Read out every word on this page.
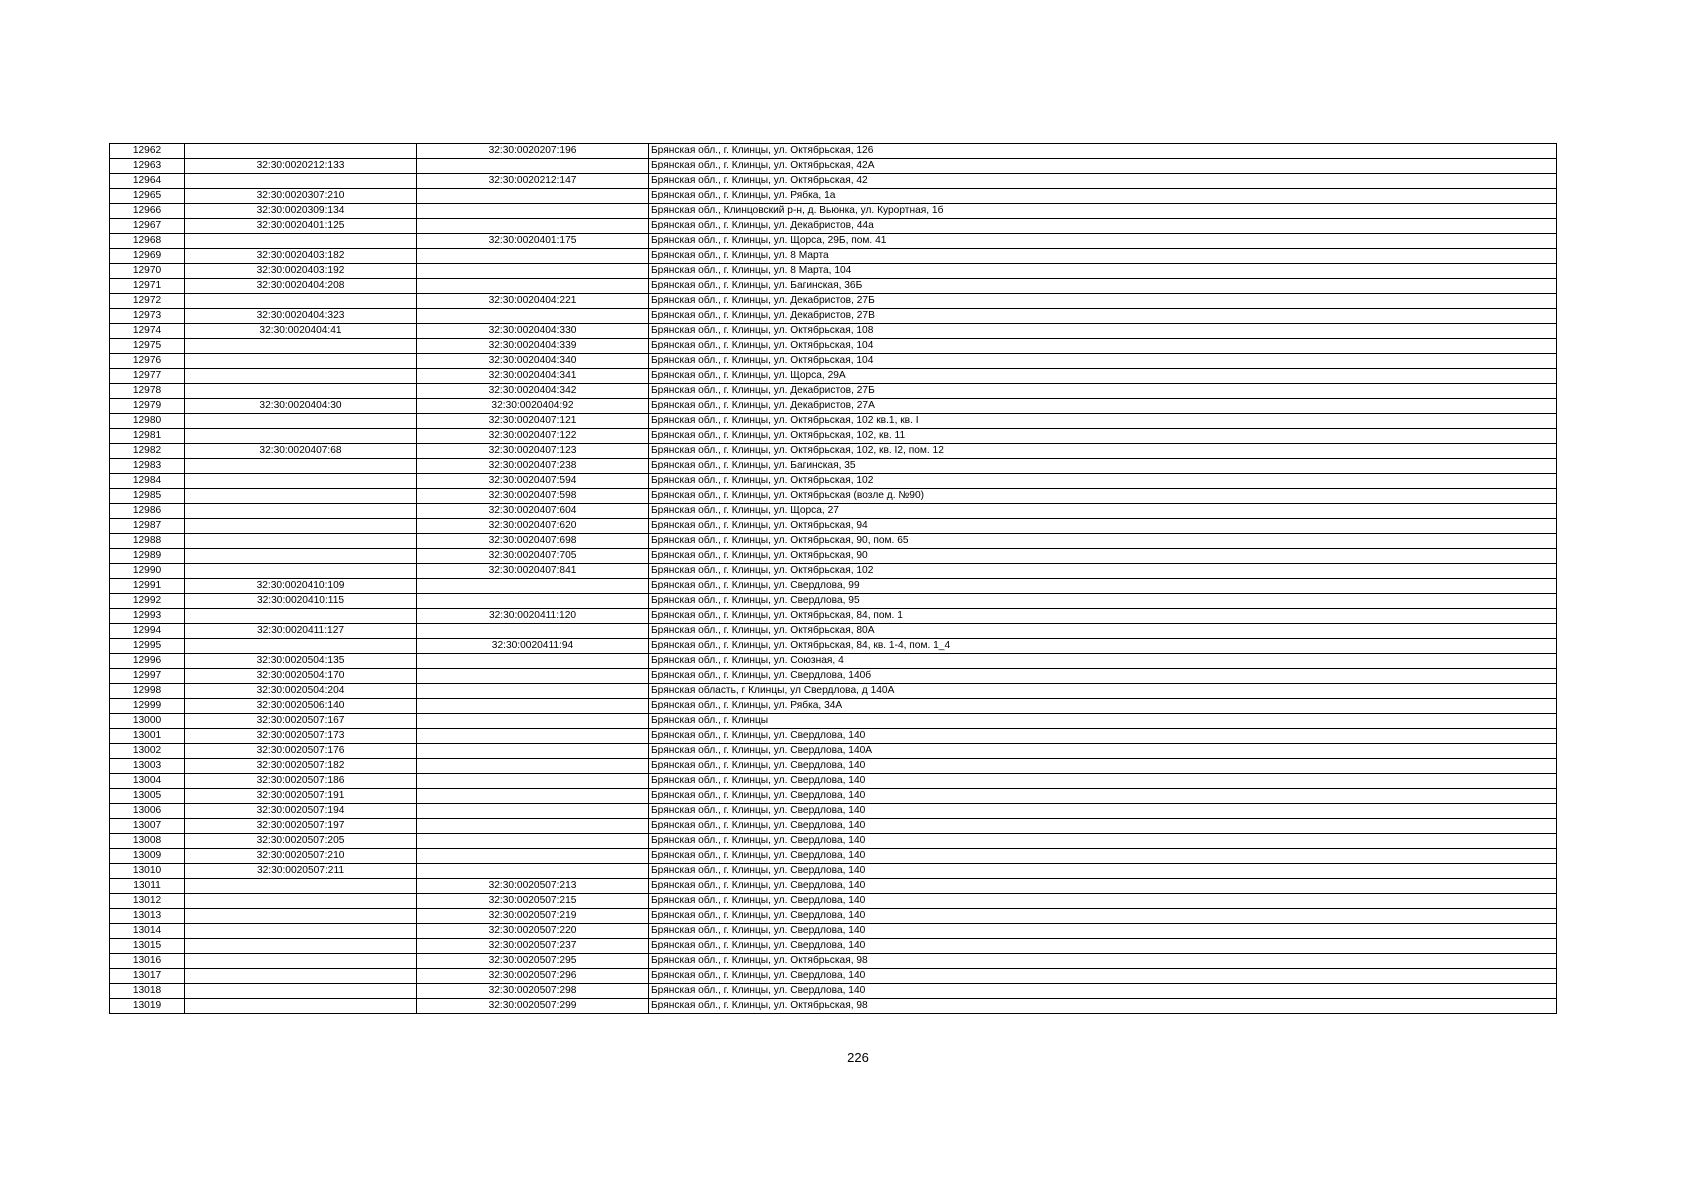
12962		32:30:0020207:196	Брянская обл., г. Клинцы, ул. Октябрьская, 126
12963	32:30:0020212:133		Брянская обл., г. Клинцы, ул. Октябрьская, 42А
12964		32:30:0020212:147	Брянская обл., г. Клинцы, ул. Октябрьская, 42
12965	32:30:0020307:210		Брянская обл., г. Клинцы, ул. Рябка, 1а
12966	32:30:0020309:134		Брянская обл., Клинцовский р-н, д. Вьюнка, ул. Курортная, 1б
12967	32:30:0020401:125		Брянская обл., г. Клинцы, ул. Декабристов, 44а
12968		32:30:0020401:175	Брянская обл., г. Клинцы, ул. Щорса, 29Б, пом. 41
12969	32:30:0020403:182		Брянская обл., г. Клинцы, ул. 8 Марта
12970	32:30:0020403:192		Брянская обл., г. Клинцы, ул. 8 Марта, 104
12971	32:30:0020404:208		Брянская обл., г. Клинцы, ул. Багинская, 36Б
12972		32:30:0020404:221	Брянская обл., г. Клинцы, ул. Декабристов, 27Б
12973	32:30:0020404:323		Брянская обл., г. Клинцы, ул. Декабристов, 27В
12974	32:30:0020404:41	32:30:0020404:330	Брянская обл., г. Клинцы, ул. Октябрьская, 108
12975		32:30:0020404:339	Брянская обл., г. Клинцы, ул. Октябрьская, 104
12976		32:30:0020404:340	Брянская обл., г. Клинцы, ул. Октябрьская, 104
12977		32:30:0020404:341	Брянская обл., г. Клинцы, ул. Щорса, 29А
12978		32:30:0020404:342	Брянская обл., г. Клинцы, ул. Декабристов, 27Б
12979	32:30:0020404:30	32:30:0020404:92	Брянская обл., г. Клинцы, ул. Декабристов, 27А
12980		32:30:0020407:121	Брянская обл., г. Клинцы, ул. Октябрьская, 102 кв.1, кв. I
12981		32:30:0020407:122	Брянская обл., г. Клинцы, ул. Октябрьская, 102, кв. 11
12982	32:30:0020407:68	32:30:0020407:123	Брянская обл., г. Клинцы, ул. Октябрьская, 102, кв. I2, пом. 12
12983		32:30:0020407:238	Брянская обл., г. Клинцы, ул. Багинская, 35
12984		32:30:0020407:594	Брянская обл., г. Клинцы, ул. Октябрьская, 102
12985		32:30:0020407:598	Брянская обл., г. Клинцы, ул. Октябрьская (возле д. №90)
12986		32:30:0020407:604	Брянская обл., г. Клинцы, ул. Щорса, 27
12987		32:30:0020407:620	Брянская обл., г. Клинцы, ул. Октябрьская, 94
12988		32:30:0020407:698	Брянская обл., г. Клинцы, ул. Октябрьская, 90, пом. 65
12989		32:30:0020407:705	Брянская обл., г. Клинцы, ул. Октябрьская, 90
12990		32:30:0020407:841	Брянская обл., г. Клинцы, ул. Октябрьская, 102
12991	32:30:0020410:109		Брянская обл., г. Клинцы, ул. Свердлова, 99
12992	32:30:0020410:115		Брянская обл., г. Клинцы, ул. Свердлова, 95
12993		32:30:0020411:120	Брянская обл., г. Клинцы, ул. Октябрьская, 84, пом. 1
12994	32:30:0020411:127		Брянская обл., г. Клинцы, ул. Октябрьская, 80А
12995		32:30:0020411:94	Брянская обл., г. Клинцы, ул. Октябрьская, 84, кв. 1-4, пом. 1_4
12996	32:30:0020504:135		Брянская обл., г. Клинцы, ул. Союзная, 4
12997	32:30:0020504:170		Брянская обл., г. Клинцы, ул. Свердлова, 140б
12998	32:30:0020504:204		Брянская область, г Клинцы, ул Свердлова, д 140А
12999	32:30:0020506:140		Брянская обл., г. Клинцы, ул. Рябка, 34А
13000	32:30:0020507:167		Брянская обл., г. Клинцы
13001	32:30:0020507:173		Брянская обл., г. Клинцы, ул. Свердлова, 140
13002	32:30:0020507:176		Брянская обл., г. Клинцы, ул. Свердлова, 140А
13003	32:30:0020507:182		Брянская обл., г. Клинцы, ул. Свердлова, 140
13004	32:30:0020507:186		Брянская обл., г. Клинцы, ул. Свердлова, 140
13005	32:30:0020507:191		Брянская обл., г. Клинцы, ул. Свердлова, 140
13006	32:30:0020507:194		Брянская обл., г. Клинцы, ул. Свердлова, 140
13007	32:30:0020507:197		Брянская обл., г. Клинцы, ул. Свердлова, 140
13008	32:30:0020507:205		Брянская обл., г. Клинцы, ул. Свердлова, 140
13009	32:30:0020507:210		Брянская обл., г. Клинцы, ул. Свердлова, 140
13010	32:30:0020507:211		Брянская обл., г. Клинцы, ул. Свердлова, 140
13011		32:30:0020507:213	Брянская обл., г. Клинцы, ул. Свердлова, 140
13012		32:30:0020507:215	Брянская обл., г. Клинцы, ул. Свердлова, 140
13013		32:30:0020507:219	Брянская обл., г. Клинцы, ул. Свердлова, 140
13014		32:30:0020507:220	Брянская обл., г. Клинцы, ул. Свердлова, 140
13015		32:30:0020507:237	Брянская обл., г. Клинцы, ул. Свердлова, 140
13016		32:30:0020507:295	Брянская обл., г. Клинцы, ул. Октябрьская, 98
13017		32:30:0020507:296	Брянская обл., г. Клинцы, ул. Свердлова, 140
13018		32:30:0020507:298	Брянская обл., г. Клинцы, ул. Свердлова, 140
13019		32:30:0020507:299	Брянская обл., г. Клинцы, ул. Октябрьская, 98
226
